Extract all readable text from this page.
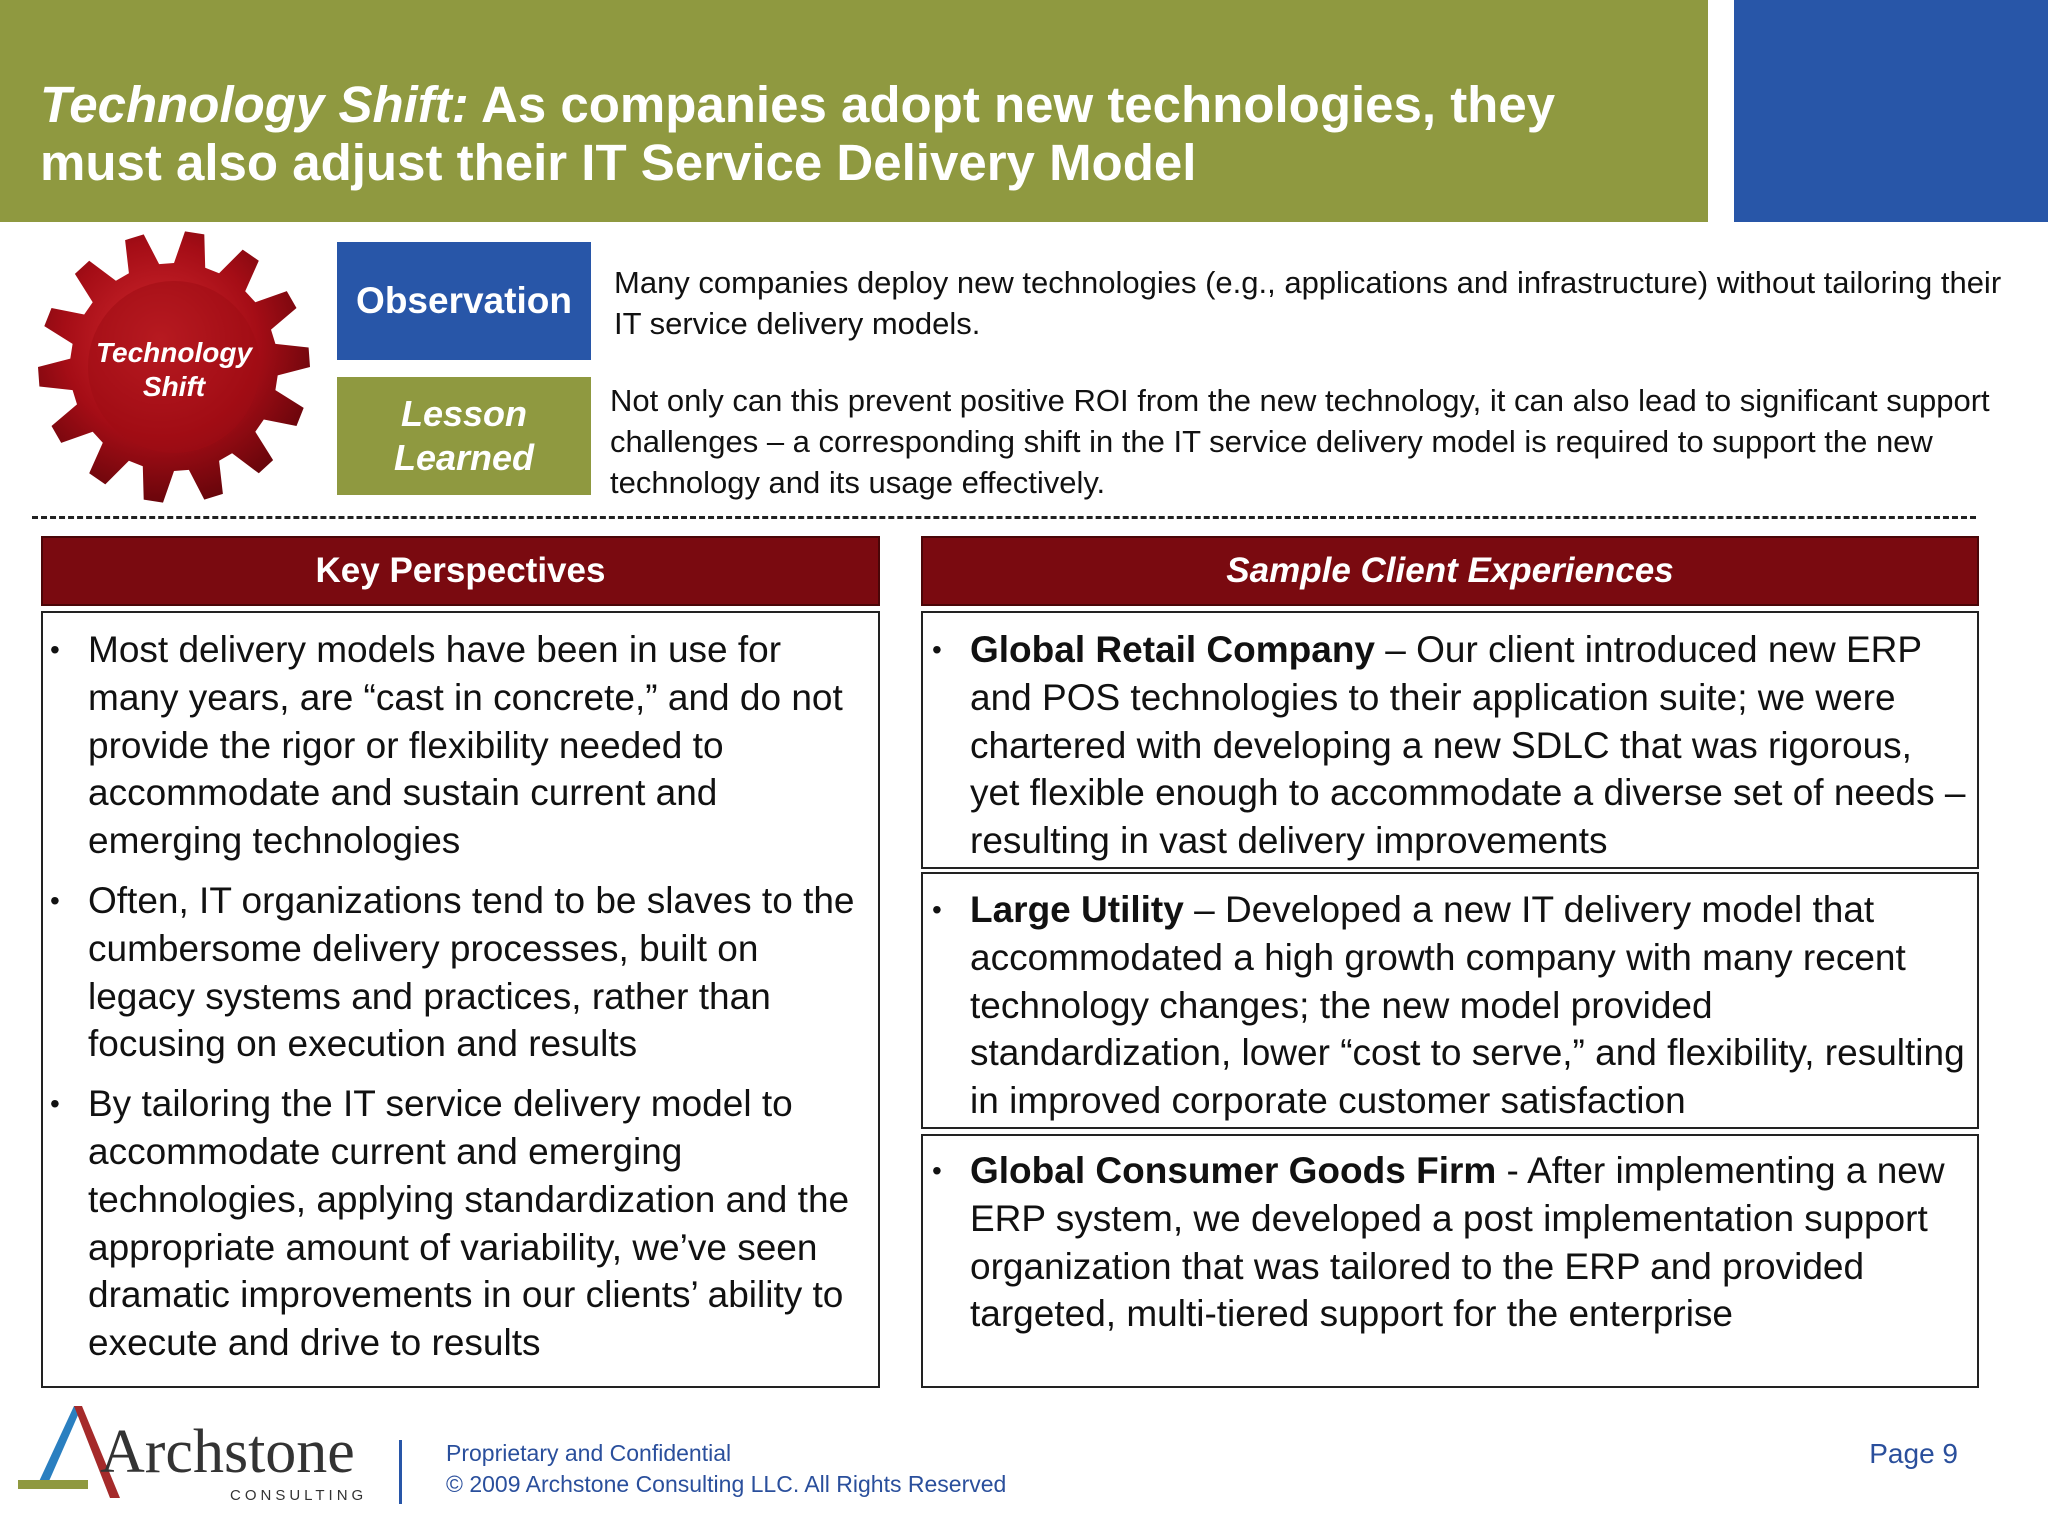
Technology Shift: As companies adopt new technologies, they must also adjust their IT Service Delivery Model
Technology
Shift
Observation	Many companies deploy new technologies (e.g., applications and infrastructure) without tailoring their IT service delivery models.
Lesson
Learned
Not only can this prevent positive ROI from the new technology, it can also lead to significant support challenges – a corresponding shift in the IT service delivery model is required to support the new technology and its usage effectively.
Key Perspectives	Sample Client Experiences
• Most delivery models have been in use for many years, are “cast in concrete,” and do not provide the rigor or flexibility needed to accommodate and sustain current and emerging technologies
• Often, IT organizations tend to be slaves to the cumbersome delivery processes, built on legacy systems and practices, rather than focusing on execution and results
• By tailoring the IT service delivery model to accommodate current and emerging technologies, applying standardization and the appropriate amount of variability, we’ve seen dramatic improvements in our clients’ ability to execute and drive to results
• Global Retail Company – Our client introduced new ERP and POS technologies to their application suite; we were chartered with developing a new SDLC that was rigorous, yet flexible enough to accommodate a diverse set of needs – resulting in vast delivery improvements
• Large Utility – Developed a new IT delivery model that accommodated a high growth company with many recent technology changes; the new model provided standardization, lower “cost to serve,” and flexibility, resulting in improved corporate customer satisfaction
• Global Consumer Goods Firm - After implementing a new ERP system, we developed a post implementation support organization that was tailored to the ERP and provided targeted, multi-tiered support for the enterprise
Archstone
CONSULTING
Proprietary and Confidential
© 2009 Archstone Consulting LLC. All Rights Reserved
Page 9
